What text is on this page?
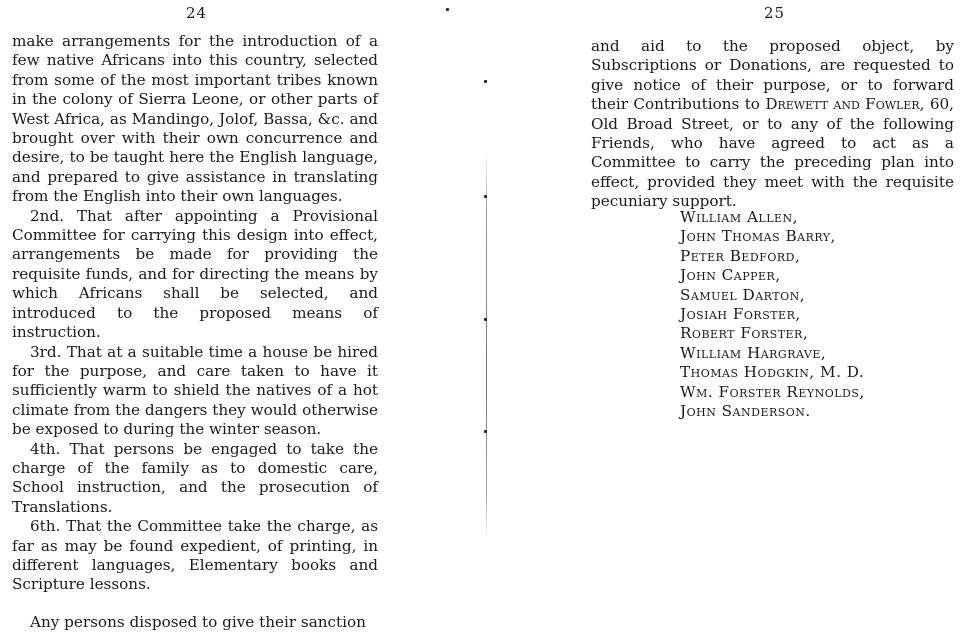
24

make arrangements for the introduction of a few native Africans into this country, selected from some of the most important tribes known in the colony of Sierra Leone, or other parts of West Africa, as Mandingo, Jolof, Bassa, &c. and brought over with their own concurrence and desire, to be taught here the English language, and prepared to give assistance in translating from the English into their own languages.

2nd. That after appointing a Provisional Committee for carrying this design into effect, arrangements be made for providing the requisite funds, and for directing the means by which Africans shall be selected, and introduced to the proposed means of instruction.

3rd. That at a suitable time a house be hired for the purpose, and care taken to have it sufficiently warm to shield the natives of a hot climate from the dangers they would otherwise be exposed to during the winter season.

4th. That persons be engaged to take the charge of the family as to domestic care, School instruction, and the prosecution of Translations.

6th. That the Committee take the charge, as far as may be found expedient, of printing, in different languages, Elementary books and Scripture lessons.

Any persons disposed to give their sanction

25

and aid to the proposed object, by Subscriptions or Donations, are requested to give notice of their purpose, or to forward their Contributions to Drewett and Fowler, 60, Old Broad Street, or to any of the following Friends, who have agreed to act as a Committee to carry the preceding plan into effect, provided they meet with the requisite pecuniary support.

William Allen,
John Thomas Barry,
Peter Bedford,
John Capper,
Samuel Darton,
Josiah Forster,
Robert Forster,
William Hargrave,
Thomas Hodgkin, M. D.
Wm. Forster Reynolds,
John Sanderson.
